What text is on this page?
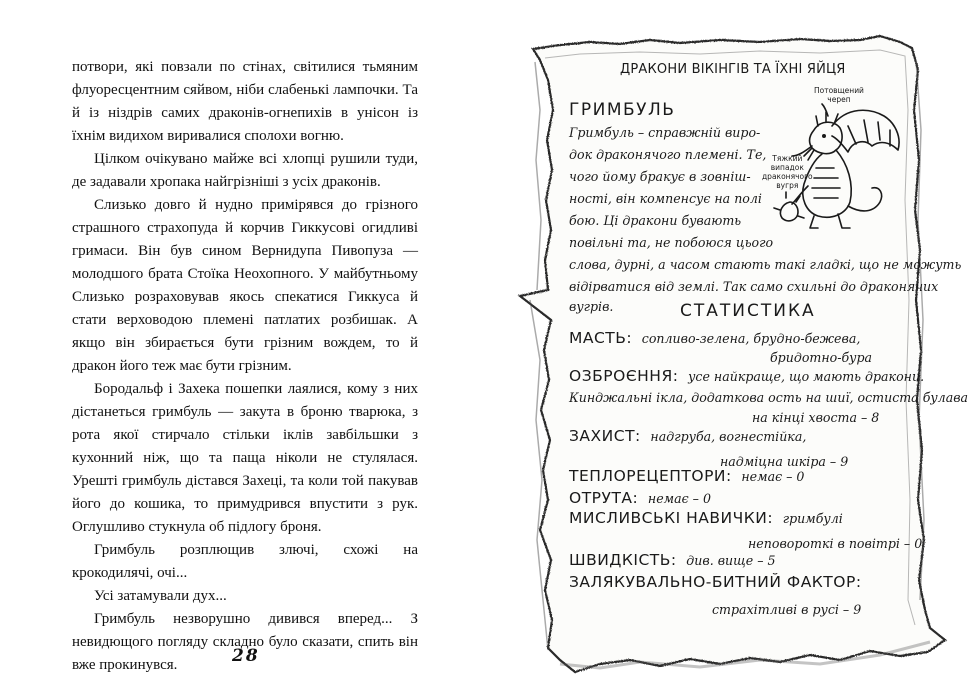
потвори, які повзали по стінах, світилися тьмяним флуоресцентним сяйвом, ніби слабенькі лампочки. Та й із ніздрів самих драконів-огнепихів в унісон із їхнім видихом виривалися сполохи вогню.

Цілком очікувано майже всі хлопці рушили туди, де задавали хропака найгрізніші з усіх драконів.

Слизько довго й нудно примірявся до грізного страшного страхопуда й корчив Гиккусові огидливі гримаси. Він був сином Вернидупа Пивопуза — молодшого брата Стоїка Неохопного. У майбутньому Слизько розраховував якось спекатися Гиккуса й стати верховодою племені патлатих розбишак. А якщо він збирається бути грізним вождем, то й дракон його теж має бути грізним.

Бородальф і Захека пошепки лаялися, кому з них дістанеться гримбуль — закута в броню тварюка, з рота якої стирчало стільки іклів завбільшки з кухонний ніж, що та паща ніколи не стулялася. Урешті гримбуль дістався Захеці, та коли той пакував його до кошика, то примудрився впустити з рук. Оглушливо стукнула об підлогу броня.

Гримбуль розплющив злючі, схожі на крокодилячі, очі...

Усі затамували дух...

Гримбуль незворушно дивився вперед... З невидющого погляду складно було сказати, спить він вже прокинувся.	28
ДРАКОНИ ВІКІНГІВ ТА ЇХНІ ЯЙЦЯ
ГРИМБУЛЬ
Потовщений
череп
Тяжкий
випадок
драконячого
вугря
Гримбуль – справжній виро-
док драконячого племені. Те,
чого йому бракує в зовніш-
ності, він компенсує на полі
бою. Ці дракони бувають
повільні та, не побоюся цього
слова, дурні, а часом стають такі гладкі, що не можуть
відірватися від землі. Так само схильні до драконячих
вугрів.	СТАТИСТИКА
МАСТЬ: сопливо-зелена, брудно-бежева,
бридотно-бура
ОЗБРОЄННЯ: усе найкраще, що мають дракони.
Кинджальні ікла, додаткова ость на шиї, остиста булава
на кінці хвоста – 8
ЗАХИСТ: надгруба, вогнестійка,
надміцна шкіра – 9
ТЕПЛОРЕЦЕПТОРИ: немає – 0
ОТРУТА: немає – 0
МИСЛИВСЬКІ НАВИЧКИ: гримбулі
неповороткі в повітрі – 0
ШВИДКІСТЬ: див. вище – 5
ЗАЛЯКУВАЛЬНО-БИТНИЙ ФАКТОР:
страхітливі в русі – 9
